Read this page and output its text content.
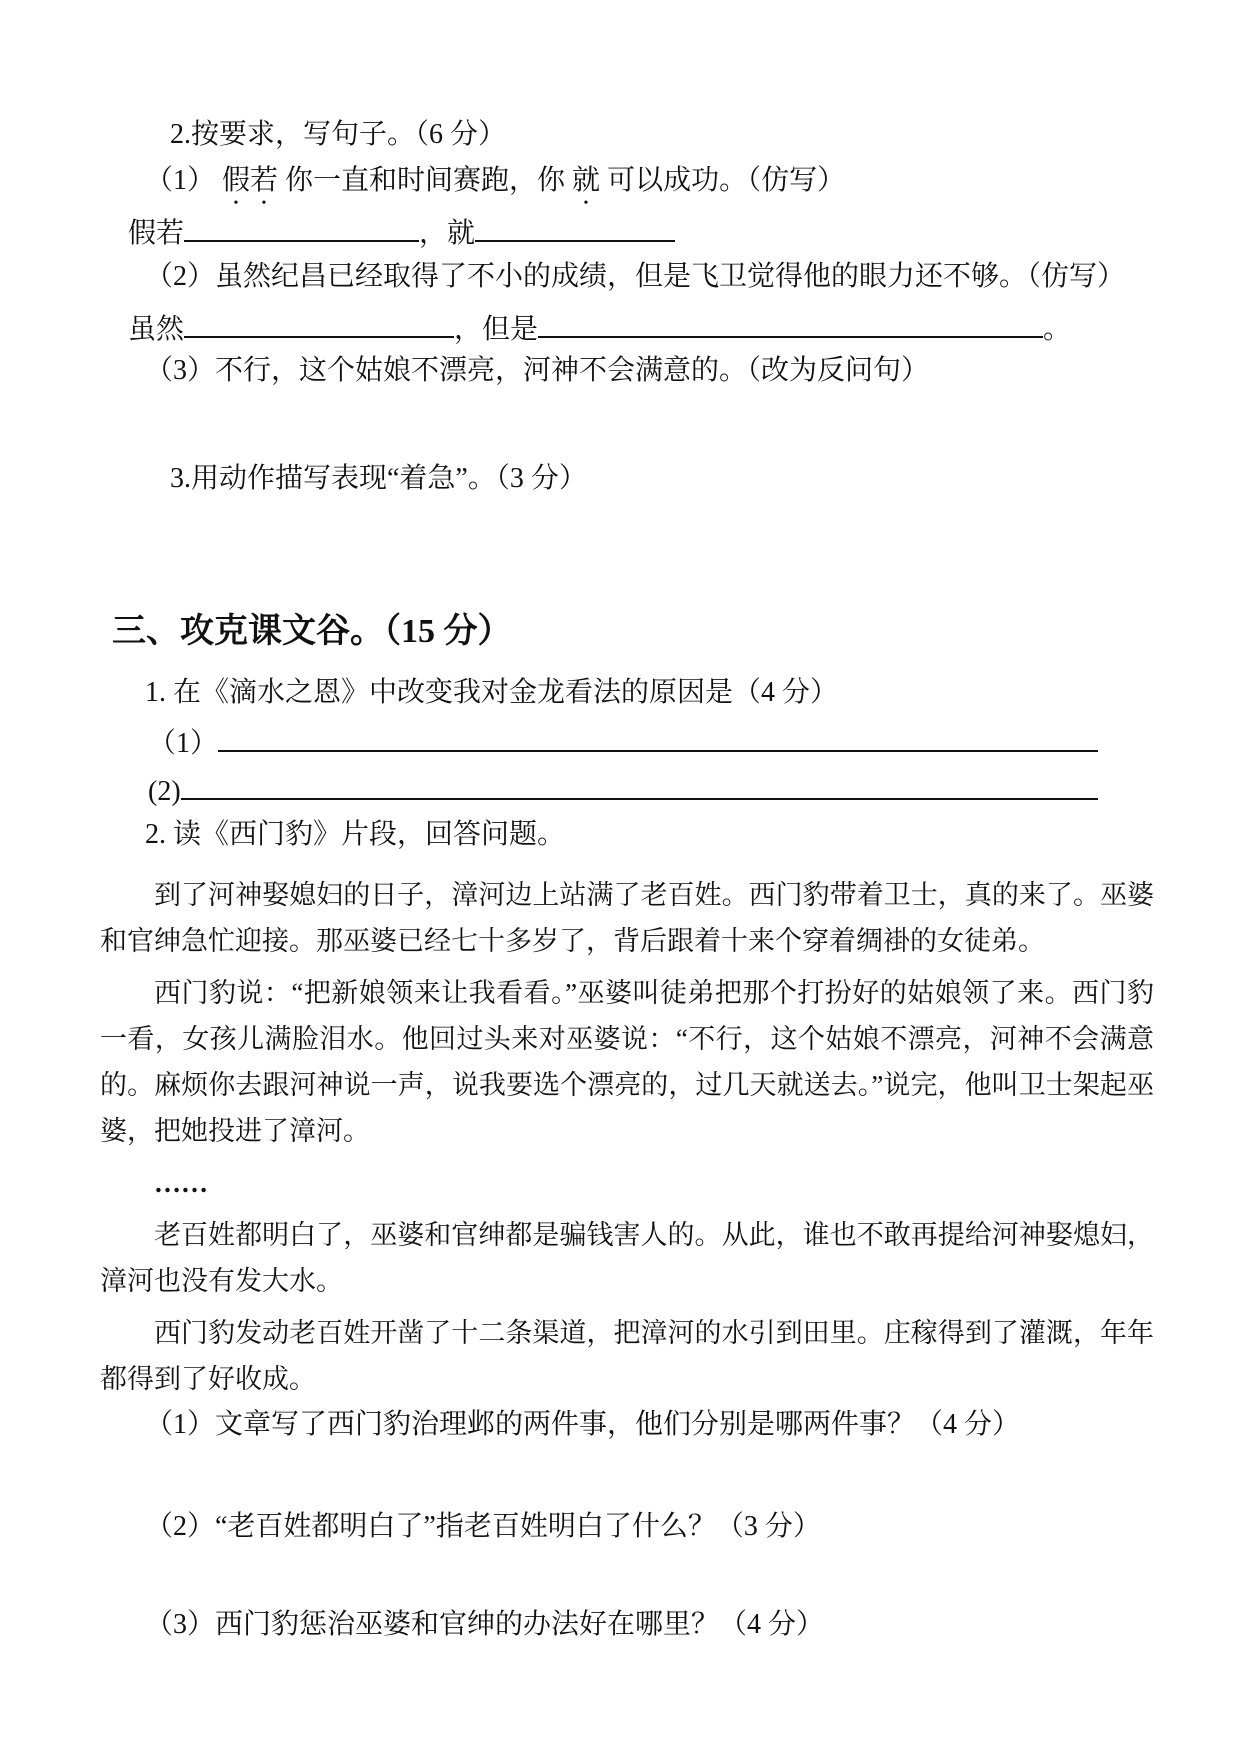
2.按要求，写句子。（6 分）
（1） 假若 你一直和时间赛跑，你 就 可以成功。（仿写）
假若	，就
（2）虽然纪昌已经取得了不小的成绩，但是飞卫觉得他的眼力还不够。（仿写）
虽然	，但是	。
（3）不行，这个姑娘不漂亮，河神不会满意的。（改为反问句）
3.用动作描写表现“着急”。（3 分）
三、攻克课文谷。（15 分）
1. 在《滴水之恩》中改变我对金龙看法的原因是（4 分）
（1）
(2)
2. 读《西门豹》片段，回答问题。

到了河神娶媳妇的日子，漳河边上站满了老百姓。西门豹带着卫士，真的来了。巫婆和官绅急忙迎接。那巫婆已经七十多岁了，背后跟着十来个穿着绸褂的女徒弟。

西门豹说：“把新娘领来让我看看。”巫婆叫徒弟把那个打扮好的姑娘领了来。西门豹一看，女孩儿满脸泪水。他回过头来对巫婆说：“不行，这个姑娘不漂亮，河神不会满意的。麻烦你去跟河神说一声，说我要选个漂亮的，过几天就送去。”说完，他叫卫士架起巫婆，把她投进了漳河。

……

老百姓都明白了，巫婆和官绅都是骗钱害人的。从此，谁也不敢再提给河神娶熄妇，漳河也没有发大水。

西门豹发动老百姓开凿了十二条渠道，把漳河的水引到田里。庄稼得到了灌溉，年年都得到了好收成。

（1）文章写了西门豹治理邺的两件事，他们分别是哪两件事？（4 分）
（2）“老百姓都明白了”指老百姓明白了什么？（3 分）
（3）西门豹惩治巫婆和官绅的办法好在哪里？（4 分）
